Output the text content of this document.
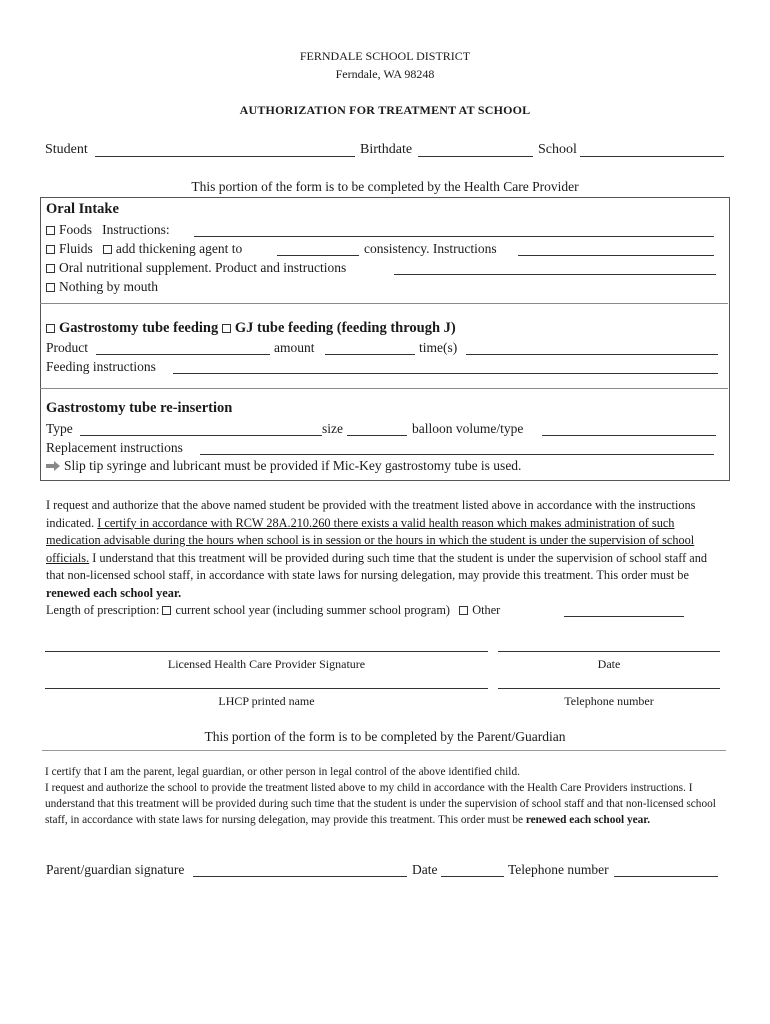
FERNDALE SCHOOL DISTRICT
Ferndale, WA 98248
AUTHORIZATION FOR TREATMENT AT SCHOOL
Student	Birthdate	School
This portion of the form is to be completed by the Health Care Provider
Oral Intake
Foods Instructions:
Fluids add thickening agent to	consistency. Instructions
Oral nutritional supplement. Product and instructions
Nothing by mouth
Gastrostomy tube feeding GJ tube feeding (feeding through J)
Product	amount	time(s)
Feeding instructions
Gastrostomy tube re-insertion
Type	size	balloon volume/type
Replacement instructions
Slip tip syringe and lubricant must be provided if Mic-Key gastrostomy tube is used.
I request and authorize that the above named student be provided with the treatment listed above in accordance with the instructions indicated. I certify in accordance with RCW 28A.210.260 there exists a valid health reason which makes administration of such medication advisable during the hours when school is in session or the hours in which the student is under the supervision of school officials. I understand that this treatment will be provided during such time that the student is under the supervision of school staff and that non-licensed school staff, in accordance with state laws for nursing delegation, may provide this treatment. This order must be renewed each school year.
Length of prescription: current school year (including summer school program) Other
Licensed Health Care Provider Signature	Date
LHCP printed name	Telephone number
This portion of the form is to be completed by the Parent/Guardian
I certify that I am the parent, legal guardian, or other person in legal control of the above identified child.
I request and authorize the school to provide the treatment listed above to my child in accordance with the Health Care Providers instructions. I understand that this treatment will be provided during such time that the student is under the supervision of school staff and that non-licensed school staff, in accordance with state laws for nursing delegation, may provide this treatment. This order must be renewed each school year.
Parent/guardian signature	Date	Telephone number
